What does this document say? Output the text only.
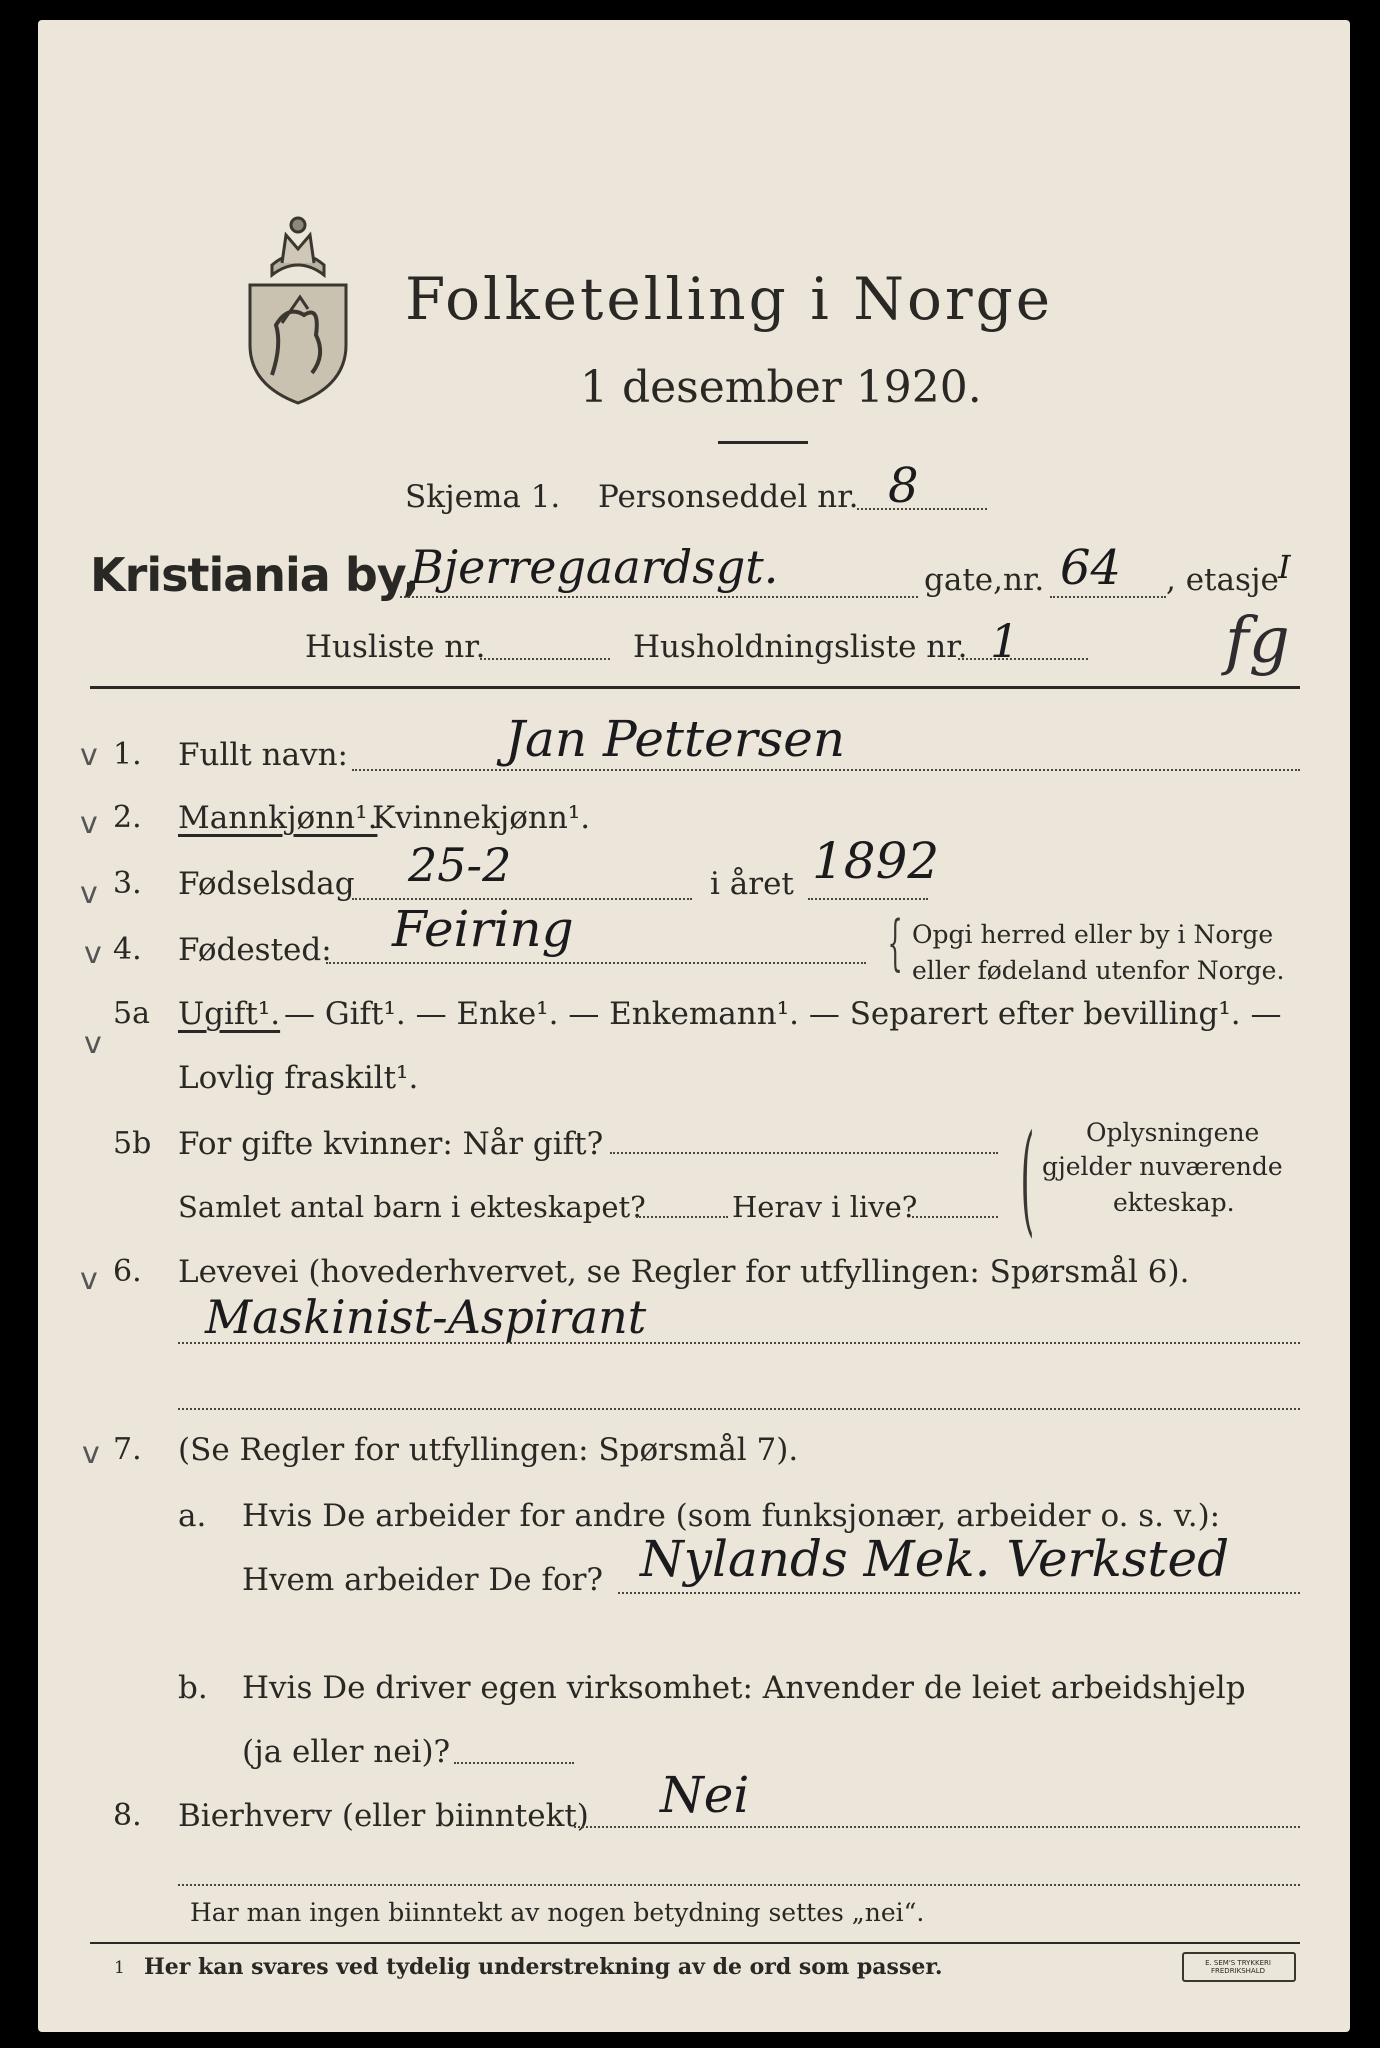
Folketelling i Norge
1 desember 1920.
Skjema 1. Personseddel nr. 8
Kristiania by,
Bjerregaardsgt.	gate, nr. 64 , etasje I
Husliste nr.	Husholdningsliste nr. 1	fg
v
v
v
v
v
v
v
1. Fullt navn:	Jan Pettersen
2. Mannkjønn¹.
Kvinnekjønn¹.
3. Fødselsdag 25-2	i året 1892
4. Fødested: Feiring	{ Opgi herred eller by i Norge
eller fødeland utenfor Norge.
5a Ugift¹. — Gift¹. — Enke¹. — Enkemann¹. — Separert efter bevilling¹. —
Lovlig fraskilt¹.
5b For gifte kvinner: Når gift?
Samlet antal barn i ekteskapet?	Herav i live? ( Oplysningene
gjelder nuværende
ekteskap.
6. Levevei (hovederhvervet, se Regler for utfyllingen: Spørsmål 6).
Maskinist-Aspirant
7. (Se Regler for utfyllingen: Spørsmål 7).
a. Hvis De arbeider for andre (som funksjonær, arbeider o. s. v.):
Hvem arbeider De for? Nylands Mek. Verksted
b. Hvis De driver egen virksomhet: Anvender de leiet arbeidshjelp
(ja eller nei)?
8. Bierhverv (eller biinntekt) Nei
Har man ingen biinntekt av nogen betydning settes „nei“.
1 Her kan svares ved tydelig understrekning av de ord som passer.	E. SEM'S TRYKKERI FREDRIKSHALD
